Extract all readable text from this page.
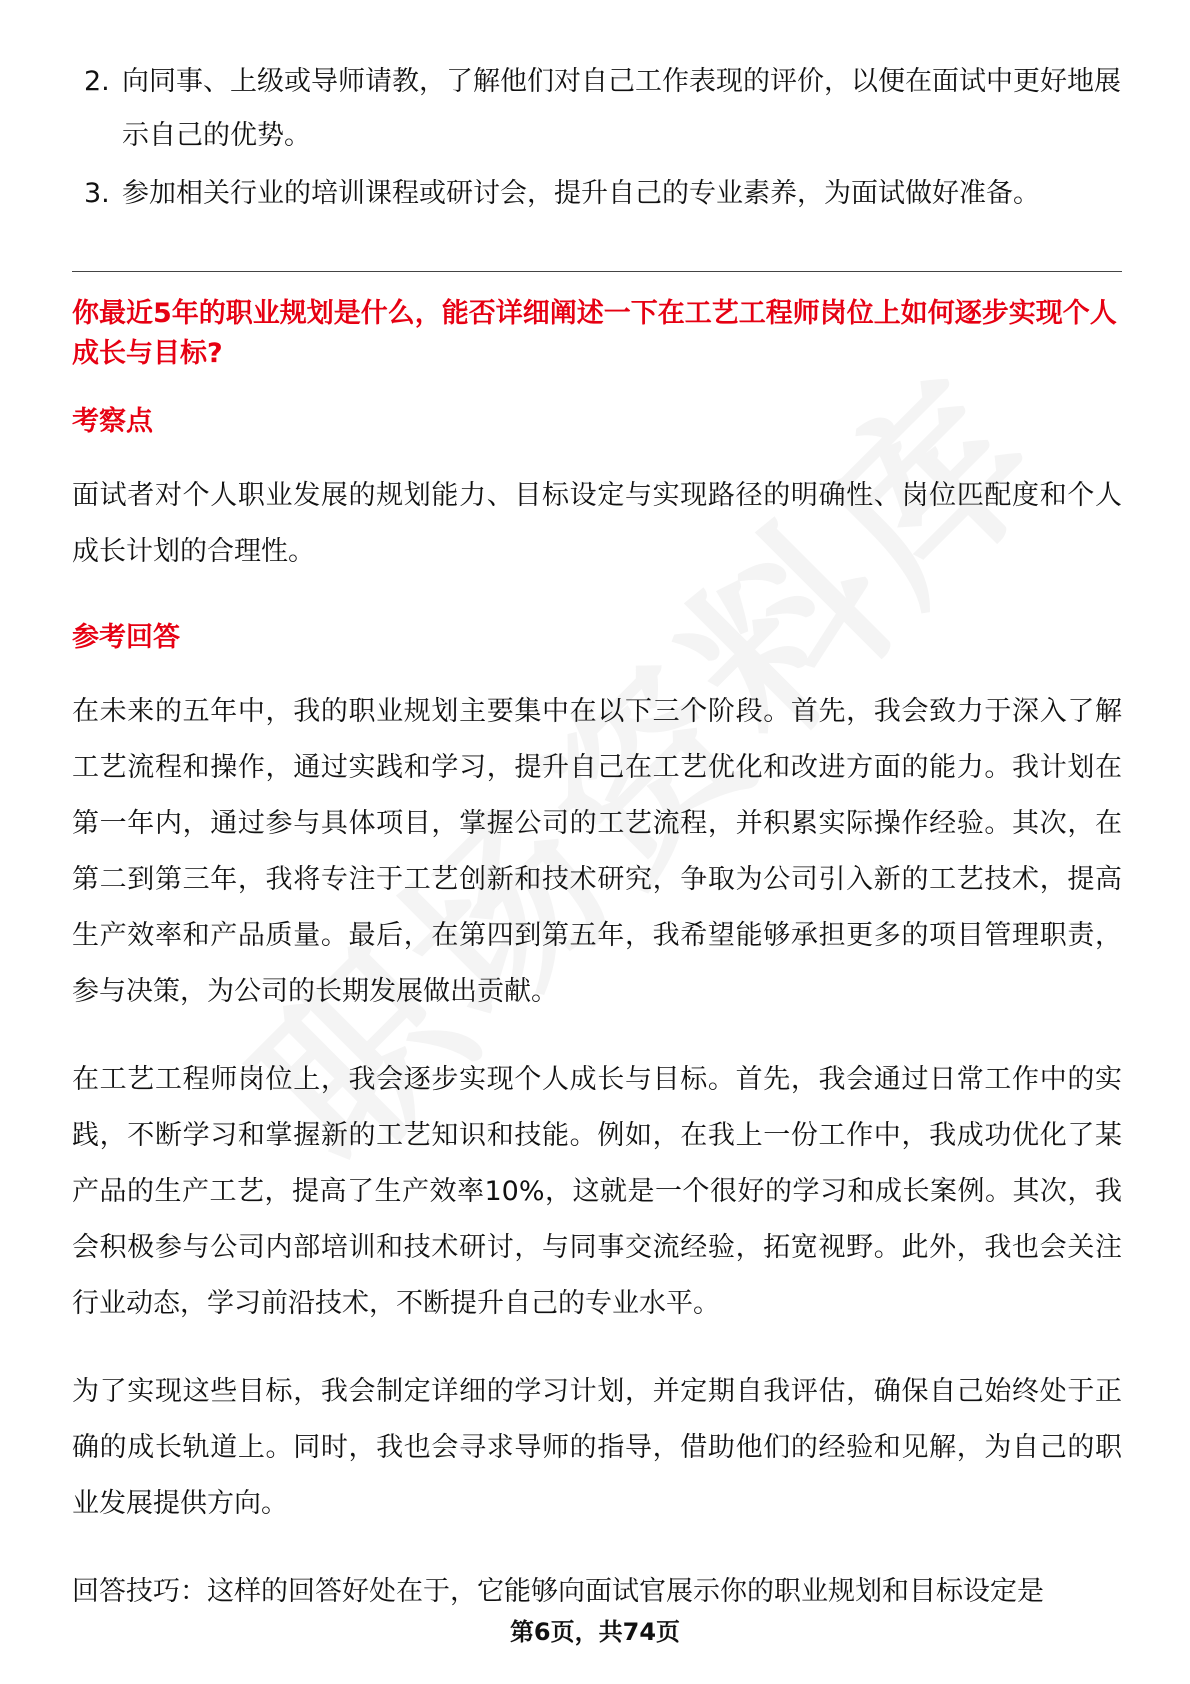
2. 向同事、上级或导师请教，了解他们对自己工作表现的评价，以便在面试中更好地展示自己的优势。
3. 参加相关行业的培训课程或研讨会，提升自己的专业素养，为面试做好准备。
你最近5年的职业规划是什么，能否详细阐述一下在工艺工程师岗位上如何逐步实现个人成长与目标?
考察点
面试者对个人职业发展的规划能力、目标设定与实现路径的明确性、岗位匹配度和个人成长计划的合理性。
参考回答
在未来的五年中，我的职业规划主要集中在以下三个阶段。首先，我会致力于深入了解工艺流程和操作，通过实践和学习，提升自己在工艺优化和改进方面的能力。我计划在第一年内，通过参与具体项目，掌握公司的工艺流程，并积累实际操作经验。其次，在第二到第三年，我将专注于工艺创新和技术研究，争取为公司引入新的工艺技术，提高生产效率和产品质量。最后，在第四到第五年，我希望能够承担更多的项目管理职责，参与决策，为公司的长期发展做出贡献。
在工艺工程师岗位上，我会逐步实现个人成长与目标。首先，我会通过日常工作中的实践，不断学习和掌握新的工艺知识和技能。例如，在我上一份工作中，我成功优化了某产品的生产工艺，提高了生产效率10%，这就是一个很好的学习和成长案例。其次，我会积极参与公司内部培训和技术研讨，与同事交流经验，拓宽视野。此外，我也会关注行业动态，学习前沿技术，不断提升自己的专业水平。
为了实现这些目标，我会制定详细的学习计划，并定期自我评估，确保自己始终处于正确的成长轨道上。同时，我也会寻求导师的指导，借助他们的经验和见解，为自己的职业发展提供方向。
回答技巧：这样的回答好处在于，它能够向面试官展示你的职业规划和目标设定是
第6页，共74页
